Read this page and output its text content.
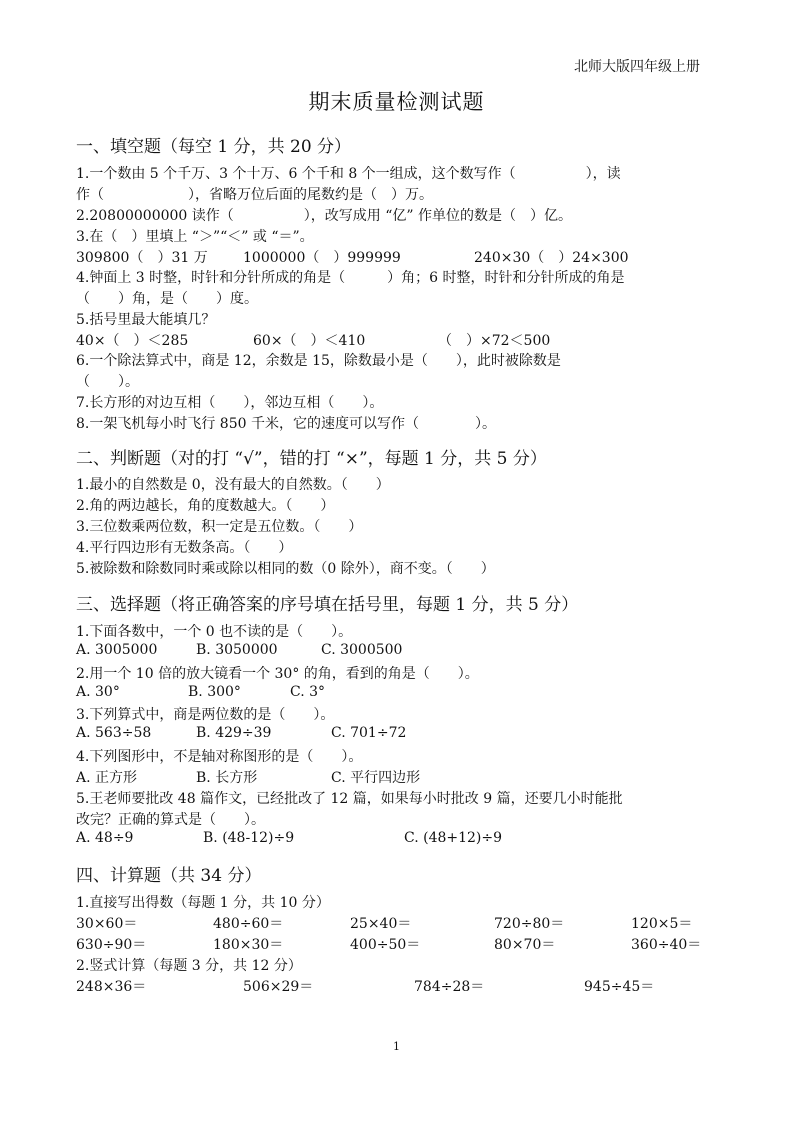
北师大版四年级上册
期末质量检测试题
一、填空题（每空 1 分，共 20 分）
1.一个数由 5 个千万、3 个十万、6 个千和 8 个一组成，这个数写作（　　　　　），读
作（　　　　　　），省略万位后面的尾数约是（　）万。
2.20800000000 读作（　　　　　），改写成用 “亿” 作单位的数是（　）亿。
3.在（　）里填上 “＞”“＜” 或 “＝”。
309800（　）31 万	1000000（　）999999	240×30（　）24×300
4.钟面上 3 时整，时针和分针所成的角是（　　　）角；6 时整，时针和分针所成的角是
（　　）角，是（　　）度。
5.括号里最大能填几？
40×（　）＜285	60×（　）＜410	（　）×72＜500
6.一个除法算式中，商是 12，余数是 15，除数最小是（　　），此时被除数是
（　　）。
7.长方形的对边互相（　　），邻边互相（　　）。
8.一架飞机每小时飞行 850 千米，它的速度可以写作（　　　　）。
二、判断题（对的打 “√”，错的打 “×”，每题 1 分，共 5 分）
1.最小的自然数是 0，没有最大的自然数。（　　）
2.角的两边越长，角的度数越大。（　　）
3.三位数乘两位数，积一定是五位数。（　　）
4.平行四边形有无数条高。（　　）
5.被除数和除数同时乘或除以相同的数（0 除外），商不变。（　　）
三、选择题（将正确答案的序号填在括号里，每题 1 分，共 5 分）
1.下面各数中，一个 0 也不读的是（　　）。
A. 3005000	B. 3050000	C. 3000500
2.用一个 10 倍的放大镜看一个 30° 的角，看到的角是（　　）。
A. 30°	B. 300°	C. 3°
3.下列算式中，商是两位数的是（　　）。
A. 563÷58	B. 429÷39	C. 701÷72
4.下列图形中，不是轴对称图形的是（　　）。
A. 正方形	B. 长方形	C. 平行四边形
5.王老师要批改 48 篇作文，已经批改了 12 篇，如果每小时批改 9 篇，还要几小时能批
改完？正确的算式是（　　）。
A. 48÷9	B. (48-12)÷9	C. (48+12)÷9
四、计算题（共 34 分）
1.直接写出得数（每题 1 分，共 10 分）
30×60＝	480÷60＝	25×40＝	720÷80＝	120×5＝
630÷90＝	180×30＝	400÷50＝	80×70＝	360÷40＝
2.竖式计算（每题 3 分，共 12 分）
248×36＝	506×29＝	784÷28＝	945÷45＝
1
